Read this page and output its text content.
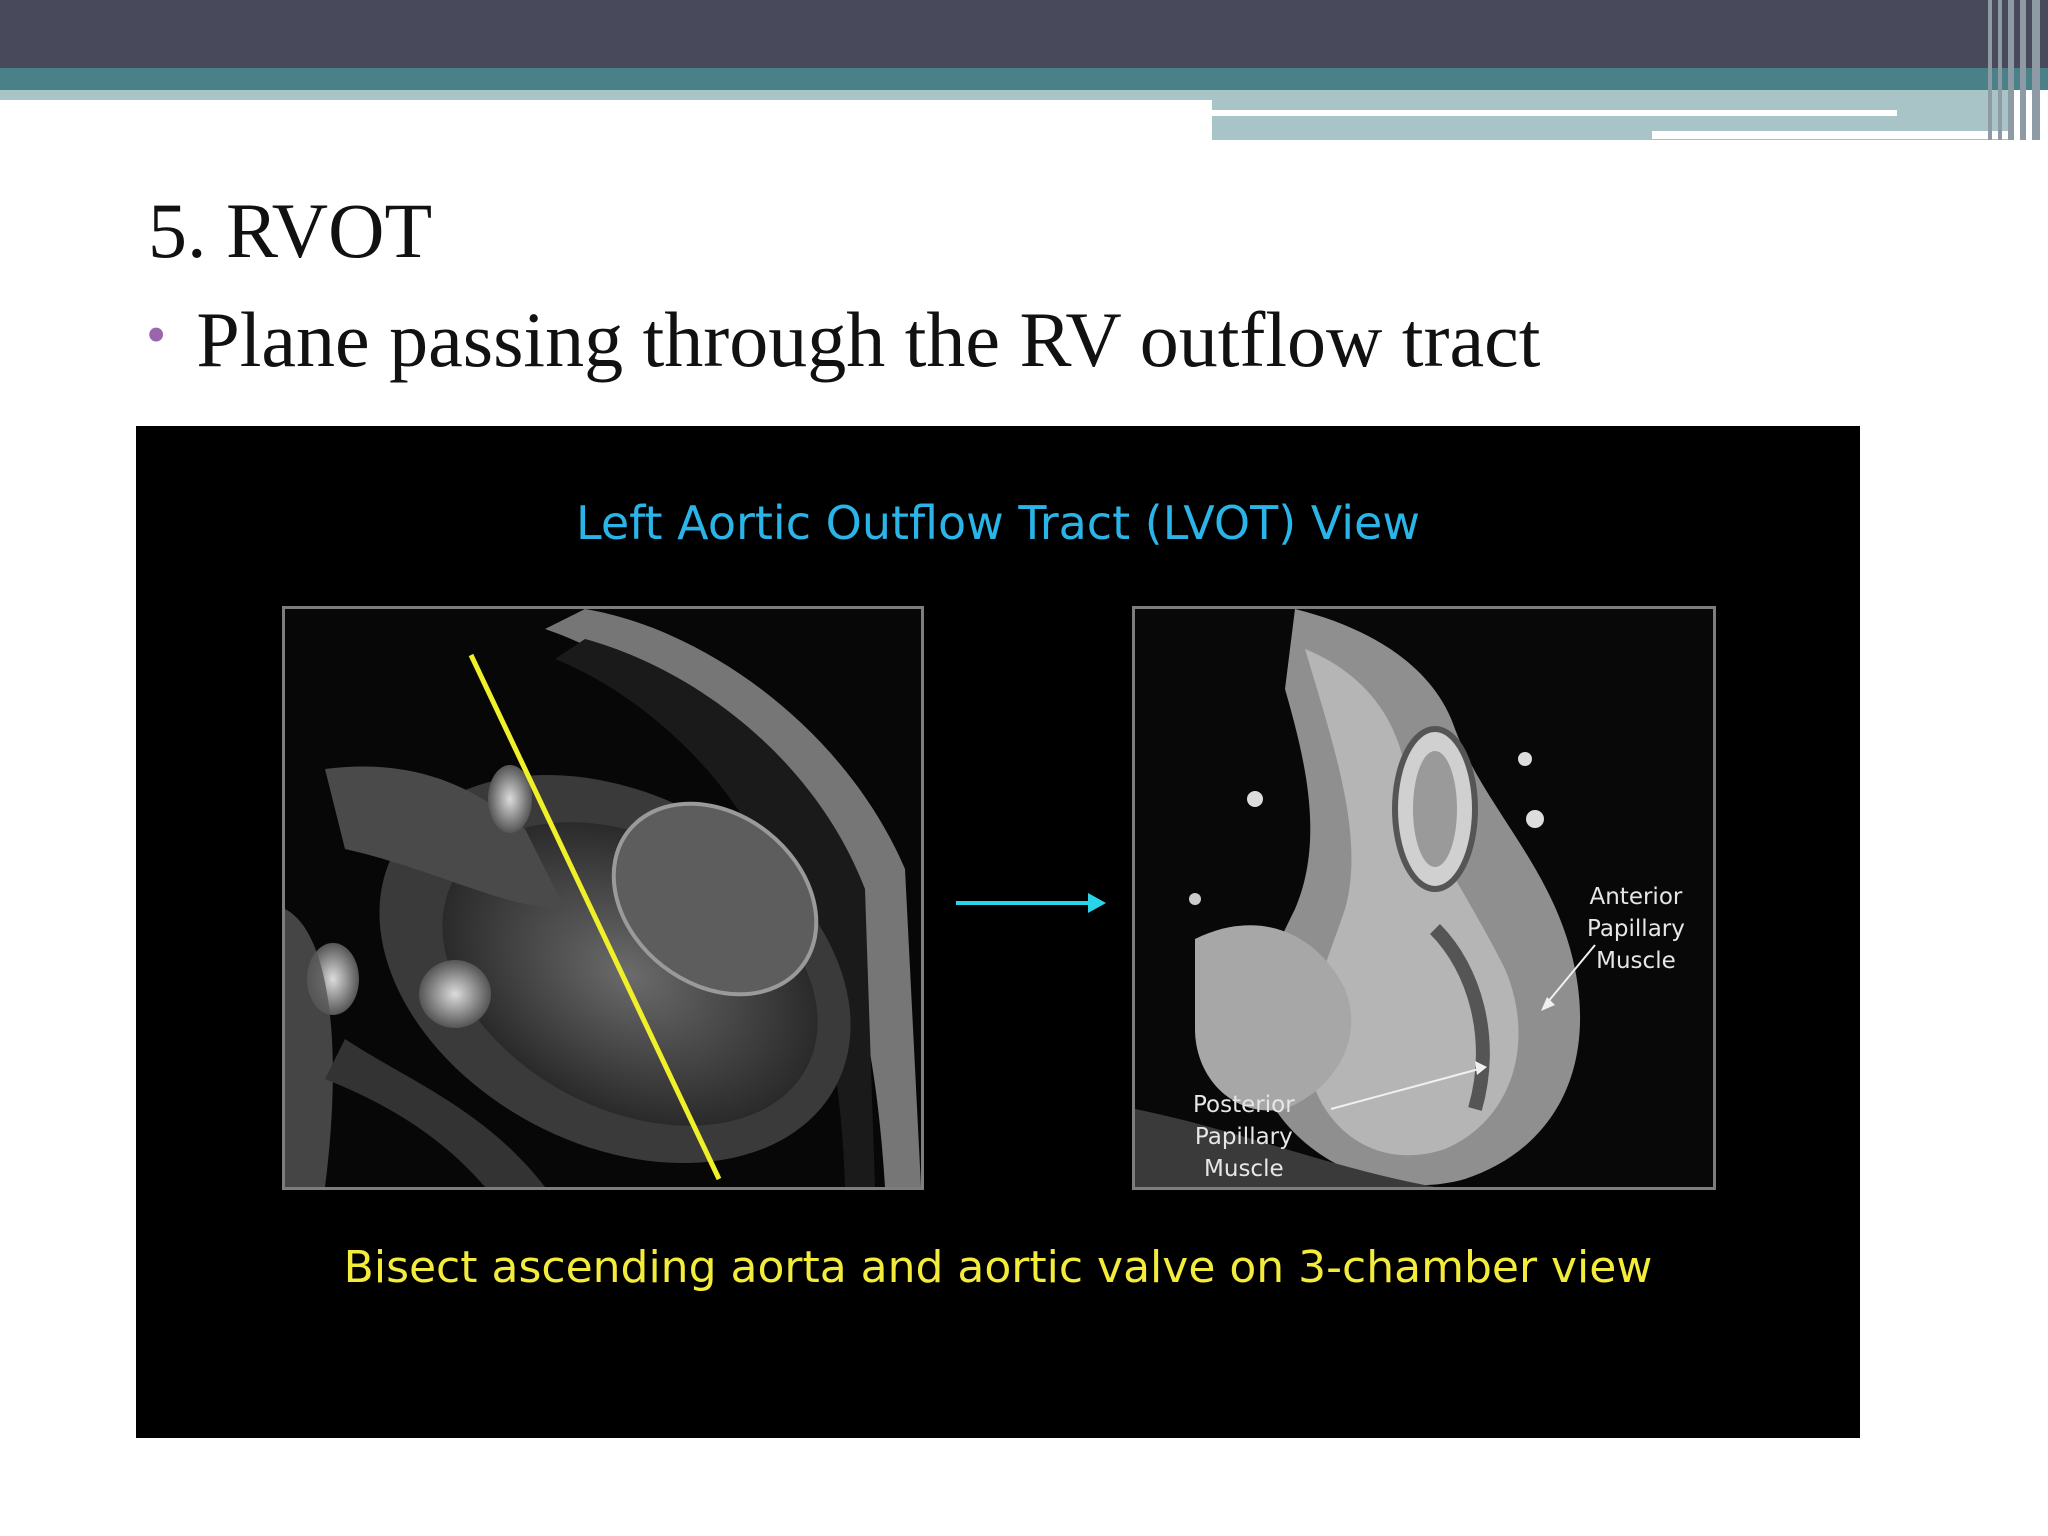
5. RVOT
• Plane passing through the RV outflow tract
Left Aortic Outflow Tract (LVOT) View
Anterior
Papillary
Muscle
Posterior
Papillary
Muscle
Bisect ascending aorta and aortic valve on 3-chamber view
